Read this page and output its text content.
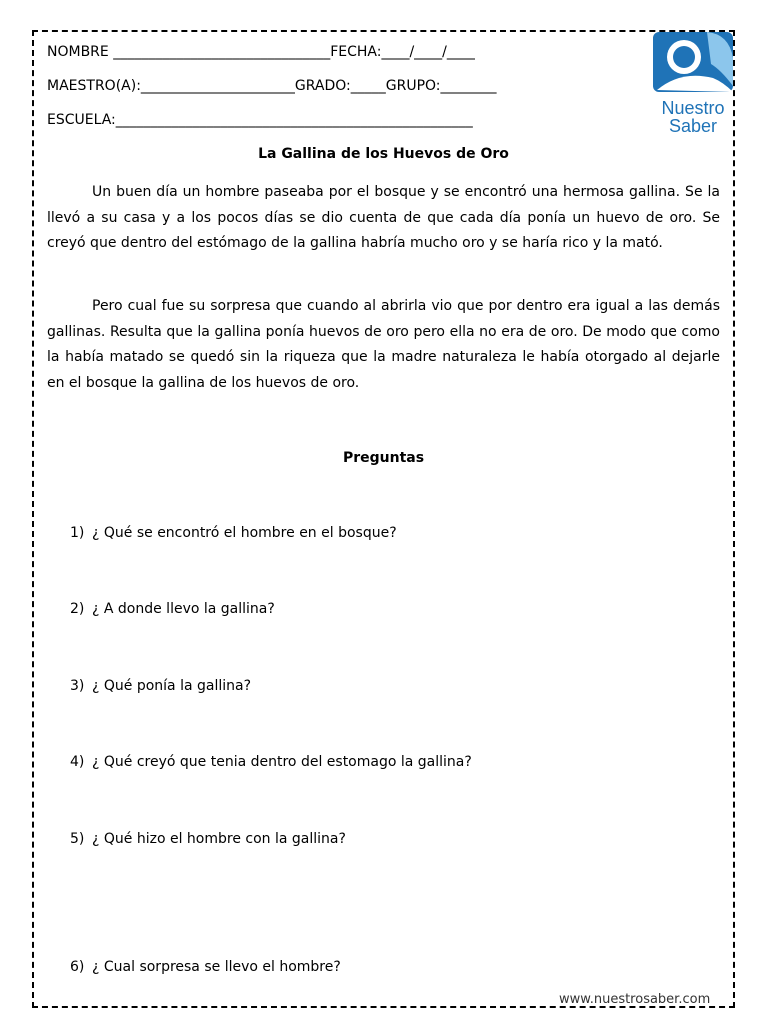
NOMBRE _______________________________FECHA:____/____/____
MAESTRO(A):______________________GRADO:_____GRUPO:________
ESCUELA:___________________________________________________
Nuestro
Saber
La Gallina de los Huevos de Oro

Un buen día un hombre paseaba por el bosque y se encontró una hermosa gallina. Se la llevó a su casa y a los pocos días se dio cuenta de que cada día ponía un huevo de oro. Se creyó que dentro del estómago de la gallina habría mucho oro y se haría rico y la mató.

Pero cual fue su sorpresa que cuando al abrirla vio que por dentro era igual a las demás gallinas. Resulta que la gallina ponía huevos de oro pero ella no era de oro. De modo que como la había matado se quedó sin la riqueza que la madre naturaleza le había otorgado al dejarle en el bosque la gallina de los huevos de oro.

Preguntas
1) ¿ Qué se encontró el hombre en el bosque?
2) ¿ A donde llevo la gallina?
3) ¿ Qué ponía la gallina?
4) ¿ Qué creyó que tenia dentro del estomago la gallina?
5) ¿ Qué hizo el hombre con la gallina?
6) ¿ Cual sorpresa se llevo el hombre?
www.nuestrosaber.com
